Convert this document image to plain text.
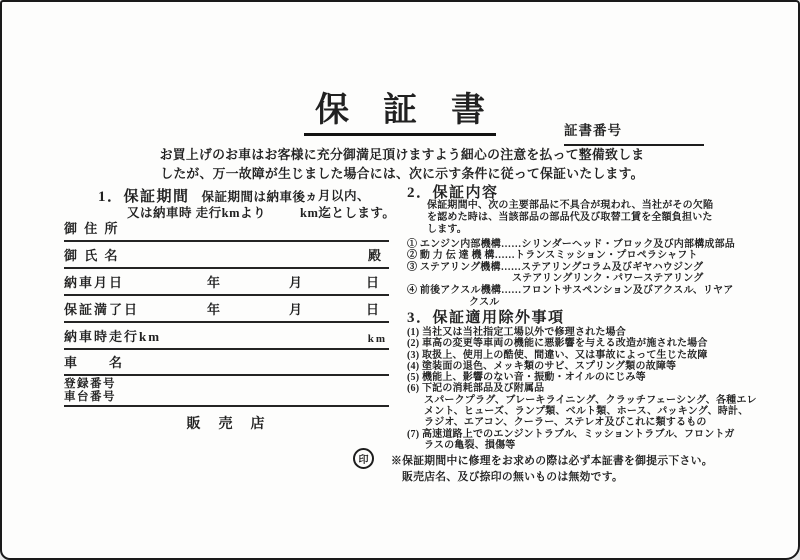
保　証　書
証書番号
お買上げのお車はお客様に充分御満足頂けますよう細心の注意を払って整備致しま
したが、万一故障が生じました場合には、次に示す条件に従って保証いたします。
1．保証期間 保証期間は納車後 ヵ月以内、
又は納車時 走行kmより	km迄とします。
御 住 所
御 氏 名	殿
納車月日	年	月	日
保証満了日	年	月	日
納車時走行km	km
車　　名
登録番号
車台番号
販　売　店
2．保証内容
保証期間中、次の主要部品に不具合が現われ、当社がその欠陥
を認めた時は、当該部品の部品代及び取替工賃を全額負担いた
します。
① エンジン内部機構……シリンダーヘッド・ブロック及び内部構成部品
② 動 力 伝 達 機 構……トランスミッション・プロペラシャフト
③ ステアリング機構……ステアリングコラム及びギヤハウジング
ステアリングリンク・パワーステアリング
④ 前後アクスル機構……フロントサスペンション及びアクスル、リヤア
クスル
3．保証適用除外事項
(1) 当社又は当社指定工場以外で修理された場合
(2) 車高の変更等車両の機能に悪影響を与える改造が施された場合
(3) 取扱上、使用上の酷使、間違い、又は事故によって生じた故障
(4) 塗装面の退色、メッキ類のサビ、スプリング類の故障等
(5) 機能上、影響のない音・振動・オイルのにじみ等
(6) 下記の消耗部品及び附属品
スパークプラグ、ブレーキライニング、クラッチフェーシング、各種エレ
メント、ヒューズ、ランプ類、ベルト類、ホース、パッキング、時計、
ラジオ、エアコン、クーラー、ステレオ及びこれに類するもの
(7) 高速道路上でのエンジントラブル、ミッショントラブル、フロントガ
ラスの亀裂、損傷等
印 ※保証期間中に修理をお求めの際は必ず本証書を御提示下さい。
販売店名、及び捺印の無いものは無効です。
